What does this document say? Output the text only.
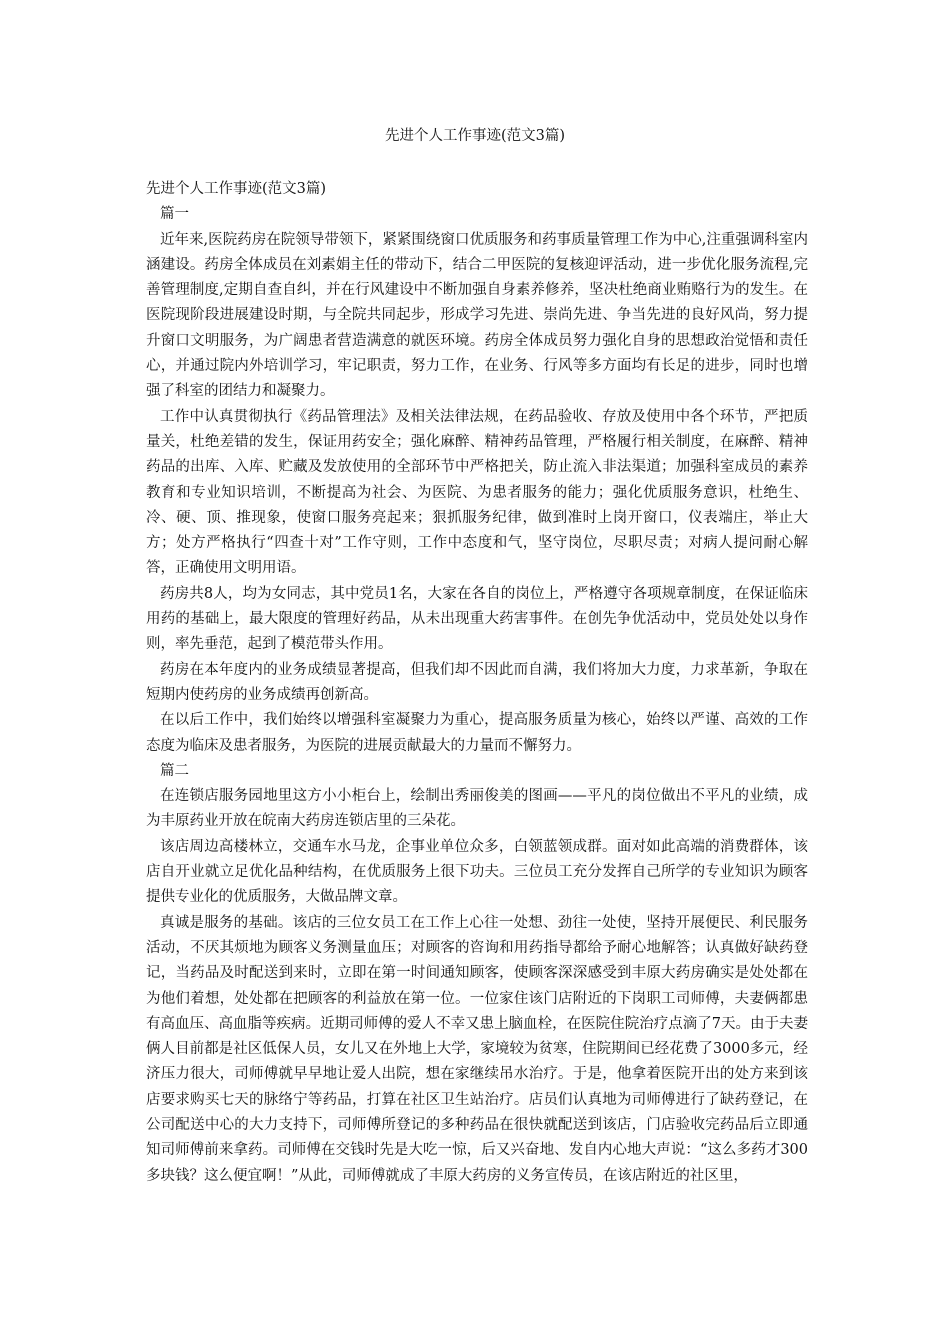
先进个人工作事迹(范文3篇)

先进个人工作事迹(范文3篇)

篇一

近年来,医院药房在院领导带领下，紧紧围绕窗口优质服务和药事质量管理工作为中心,注重强调科室内涵建设。药房全体成员在刘素娟主任的带动下，结合二甲医院的复核迎评活动，进一步优化服务流程,完善管理制度,定期自查自纠，并在行风建设中不断加强自身素养修养，坚决杜绝商业贿赂行为的发生。在医院现阶段进展建设时期，与全院共同起步，形成学习先进、崇尚先进、争当先进的良好风尚，努力提升窗口文明服务，为广阔患者营造满意的就医环境。药房全体成员努力强化自身的思想政治觉悟和责任心，并通过院内外培训学习，牢记职责，努力工作，在业务、行风等多方面均有长足的进步，同时也增强了科室的团结力和凝聚力。

工作中认真贯彻执行《药品管理法》及相关法律法规，在药品验收、存放及使用中各个环节，严把质量关，杜绝差错的发生，保证用药安全；强化麻醉、精神药品管理，严格履行相关制度，在麻醉、精神药品的出库、入库、贮藏及发放使用的全部环节中严格把关，防止流入非法渠道；加强科室成员的素养教育和专业知识培训，不断提高为社会、为医院、为患者服务的能力；强化优质服务意识，杜绝生、冷、硬、顶、推现象，使窗口服务亮起来；狠抓服务纪律，做到准时上岗开窗口，仪表端庄，举止大方；处方严格执行“四查十对”工作守则，工作中态度和气，坚守岗位，尽职尽责；对病人提问耐心解答，正确使用文明用语。

药房共8人，均为女同志，其中党员1名，大家在各自的岗位上，严格遵守各项规章制度，在保证临床用药的基础上，最大限度的管理好药品，从未出现重大药害事件。在创先争优活动中，党员处处以身作则，率先垂范，起到了模范带头作用。

药房在本年度内的业务成绩显著提高，但我们却不因此而自满，我们将加大力度，力求革新，争取在短期内使药房的业务成绩再创新高。

在以后工作中，我们始终以增强科室凝聚力为重心，提高服务质量为核心，始终以严谨、高效的工作态度为临床及患者服务，为医院的进展贡献最大的力量而不懈努力。

篇二

在连锁店服务园地里这方小小柜台上，绘制出秀丽俊美的图画——平凡的岗位做出不平凡的业绩，成为丰原药业开放在皖南大药房连锁店里的三朵花。

该店周边高楼林立，交通车水马龙，企事业单位众多，白领蓝领成群。面对如此高端的消费群体，该店自开业就立足优化品种结构，在优质服务上很下功夫。三位员工充分发挥自己所学的专业知识为顾客提供专业化的优质服务，大做品牌文章。

真诚是服务的基础。该店的三位女员工在工作上心往一处想、劲往一处使，坚持开展便民、利民服务活动，不厌其烦地为顾客义务测量血压；对顾客的咨询和用药指导都给予耐心地解答；认真做好缺药登记，当药品及时配送到来时，立即在第一时间通知顾客，使顾客深深感受到丰原大药房确实是处处都在为他们着想，处处都在把顾客的利益放在第一位。一位家住该门店附近的下岗职工司师傅，夫妻俩都患有高血压、高血脂等疾病。近期司师傅的爱人不幸又患上脑血栓，在医院住院治疗点滴了7天。由于夫妻俩人目前都是社区低保人员，女儿又在外地上大学，家境较为贫寒，住院期间已经花费了3000多元，经济压力很大，司师傅就早早地让爱人出院，想在家继续吊水治疗。于是，他拿着医院开出的处方来到该店要求购买七天的脉络宁等药品，打算在社区卫生站治疗。店员们认真地为司师傅进行了缺药登记，在公司配送中心的大力支持下，司师傅所登记的多种药品在很快就配送到该店，门店验收完药品后立即通知司师傅前来拿药。司师傅在交钱时先是大吃一惊，后又兴奋地、发自内心地大声说：“这么多药才300多块钱？这么便宜啊！”从此，司师傅就成了丰原大药房的义务宣传员，在该店附近的社区里，
